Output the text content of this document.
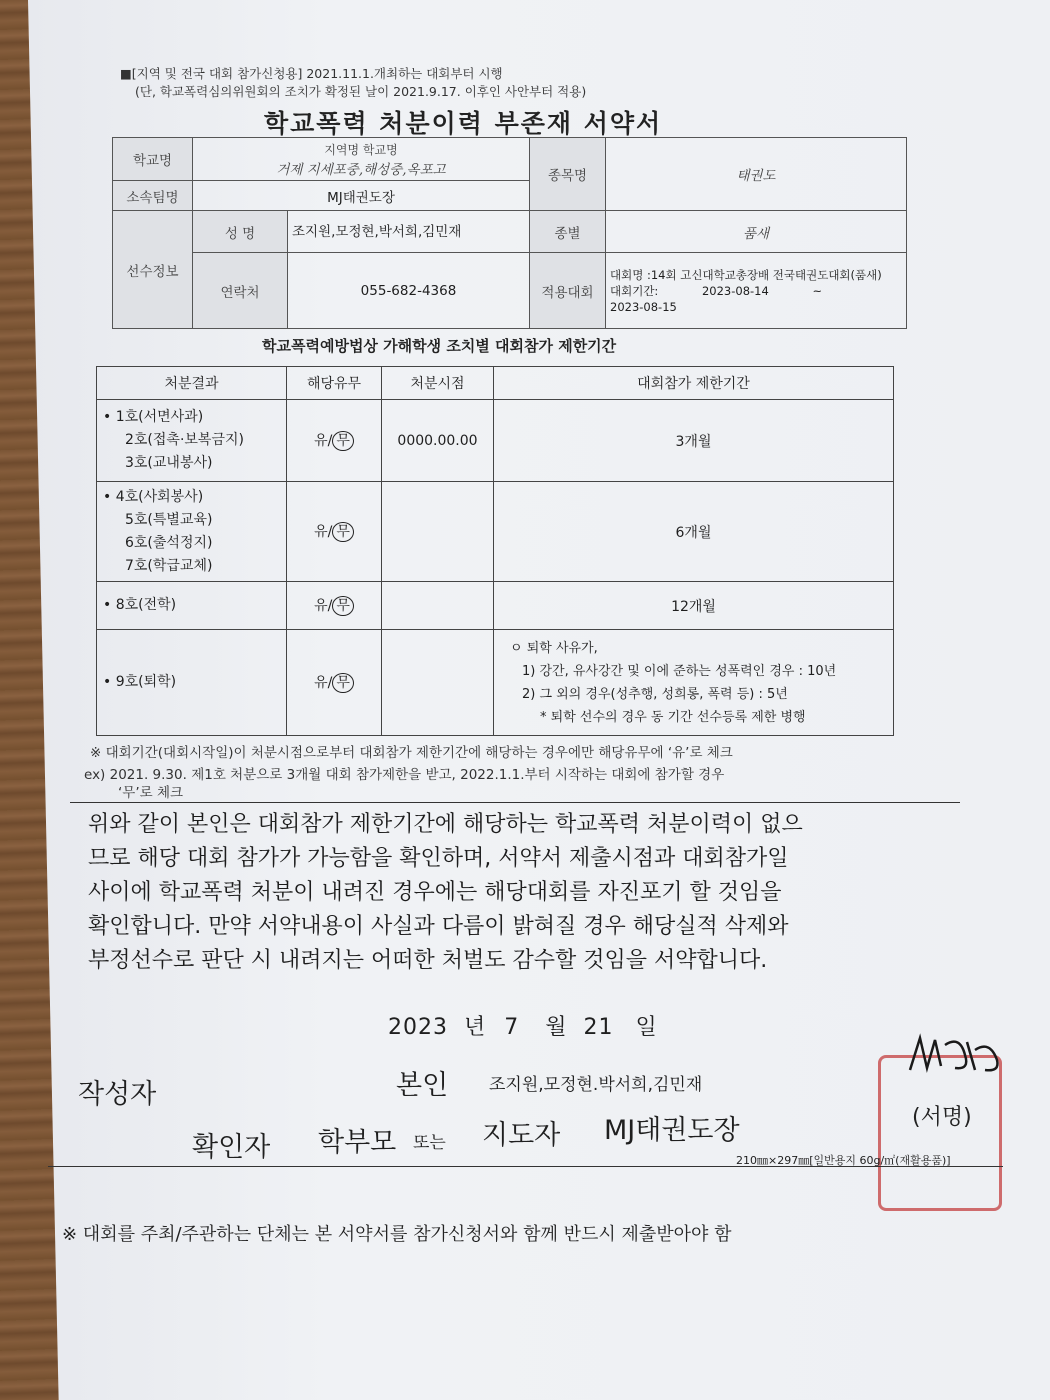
■[지역 및 전국 대회 참가신청용] 2021.11.1.개최하는 대회부터 시행
(단, 학교폭력심의위원회의 조치가 확정된 날이 2021.9.17. 이후인 사안부터 적용)
학교폭력 처분이력 부존재 서약서
학교명	지역명 학교명
거제 지세포중,해성중,옥포고		종목명	태권도
소속팀명	MJ태권도장			
선수정보	성 명	조지원,모정현,박서희,김민재	종별	품새
	연락처	055-682-4368	적용대회	대회명 :14회 고신대학교총장배 전국태권도대회(품새)
대회기간: 2023-08-14 ~
2023-08-15
학교폭력예방법상 가해학생 조치별 대회참가 제한기간
처분결과	해당유무	처분시점	대회참가 제한기간

• 1호(서면사과)
2호(접촉·보복금지)
3호(교내봉사)	유/ 무	0000.00.00	3개월

• 4호(사회봉사)
5호(특별교육)
6호(출석정지)
7호(학급교체)	유/ 무		6개월

• 8호(전학)	유/ 무		12개월

• 9호(퇴학)	유/ 무		ㅇ 퇴학 사유가,
1) 강간, 유사강간 및 이에 준하는 성폭력인 경우 : 10년
2) 그 외의 경우(성추행, 성희롱, 폭력 등) : 5년
* 퇴학 선수의 경우 동 기간 선수등록 제한 병행
※ 대회기간(대회시작일)이 처분시점으로부터 대회참가 제한기간에 해당하는 경우에만 해당유무에 ‘유’로 체크
ex) 2021. 9.30. 제1호 처분으로 3개월 대회 참가제한을 받고, 2022.1.1.부터 시작하는 대회에 참가할 경우
‘무’로 체크
위와 같이 본인은 대회참가 제한기간에 해당하는 학교폭력 처분이력이 없으
므로 해당 대회 참가가 가능함을 확인하며, 서약서 제출시점과 대회참가일
사이에 학교폭력 처분이 내려진 경우에는 해당대회를 자진포기 할 것임을
확인합니다. 만약 서약내용이 사실과 다름이 밝혀질 경우 해당실적 삭제와
부정선수로 판단 시 내려지는 어떠한 처벌도 감수할 것임을 서약합니다.
2023 년 7 월 21 일
작성자	본인 조지원,모정현.박서희,김민재
확인자 학부모 또는 지도자 MJ태권도장	(서명)
210㎜×297㎜[일반용지 60g/㎡(재활용품)]
※ 대회를 주최/주관하는 단체는 본 서약서를 참가신청서와 함께 반드시 제출받아야 함
